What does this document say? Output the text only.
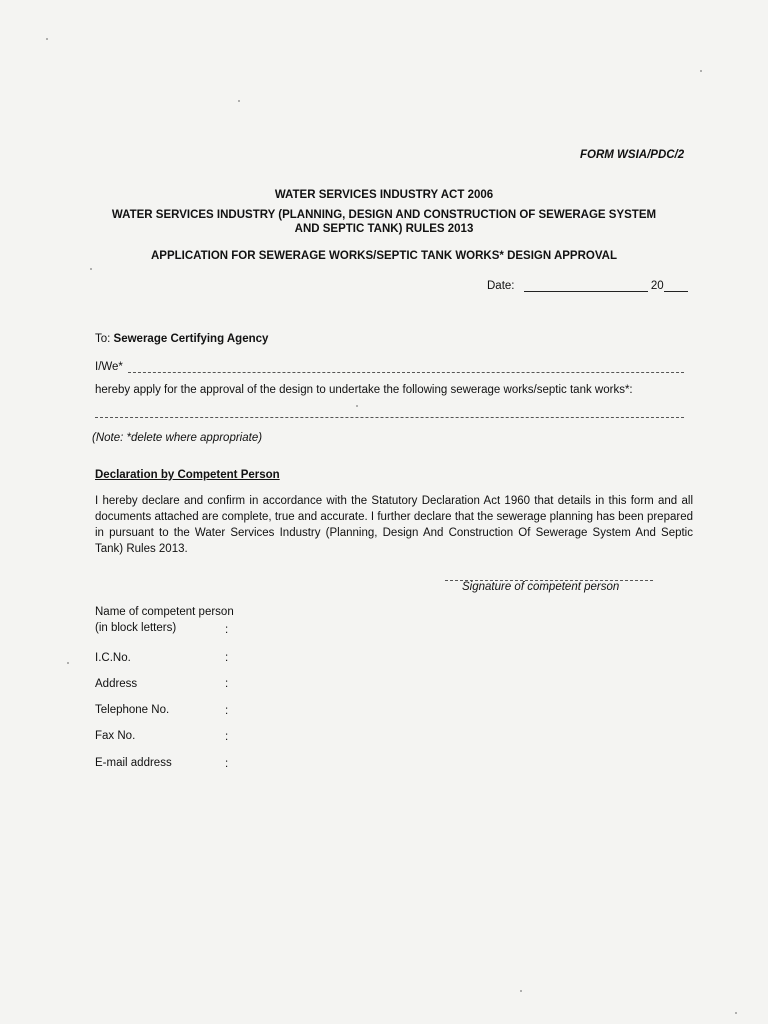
FORM WSIA/PDC/2
WATER SERVICES INDUSTRY ACT 2006
WATER SERVICES INDUSTRY (PLANNING, DESIGN AND CONSTRUCTION OF SEWERAGE SYSTEM
AND SEPTIC TANK) RULES 2013
APPLICATION FOR SEWERAGE WORKS/SEPTIC TANK WORKS* DESIGN APPROVAL
Date:	20
To: Sewerage Certifying Agency
I/We*
hereby apply for the approval of the design to undertake the following sewerage works/septic tank works*:
(Note: *delete where appropriate)
Declaration by Competent Person
I hereby declare and confirm in accordance with the Statutory Declaration Act 1960 that details in this form and all documents attached are complete, true and accurate. I further declare that the sewerage planning has been prepared in pursuant to the Water Services Industry (Planning, Design And Construction Of Sewerage System And Septic Tank) Rules 2013.
Signature of competent person
Name of competent person
(in block letters)	:
I.C.No.	:
Address	:
Telephone No.	:
Fax No.	:
E-mail address	:
